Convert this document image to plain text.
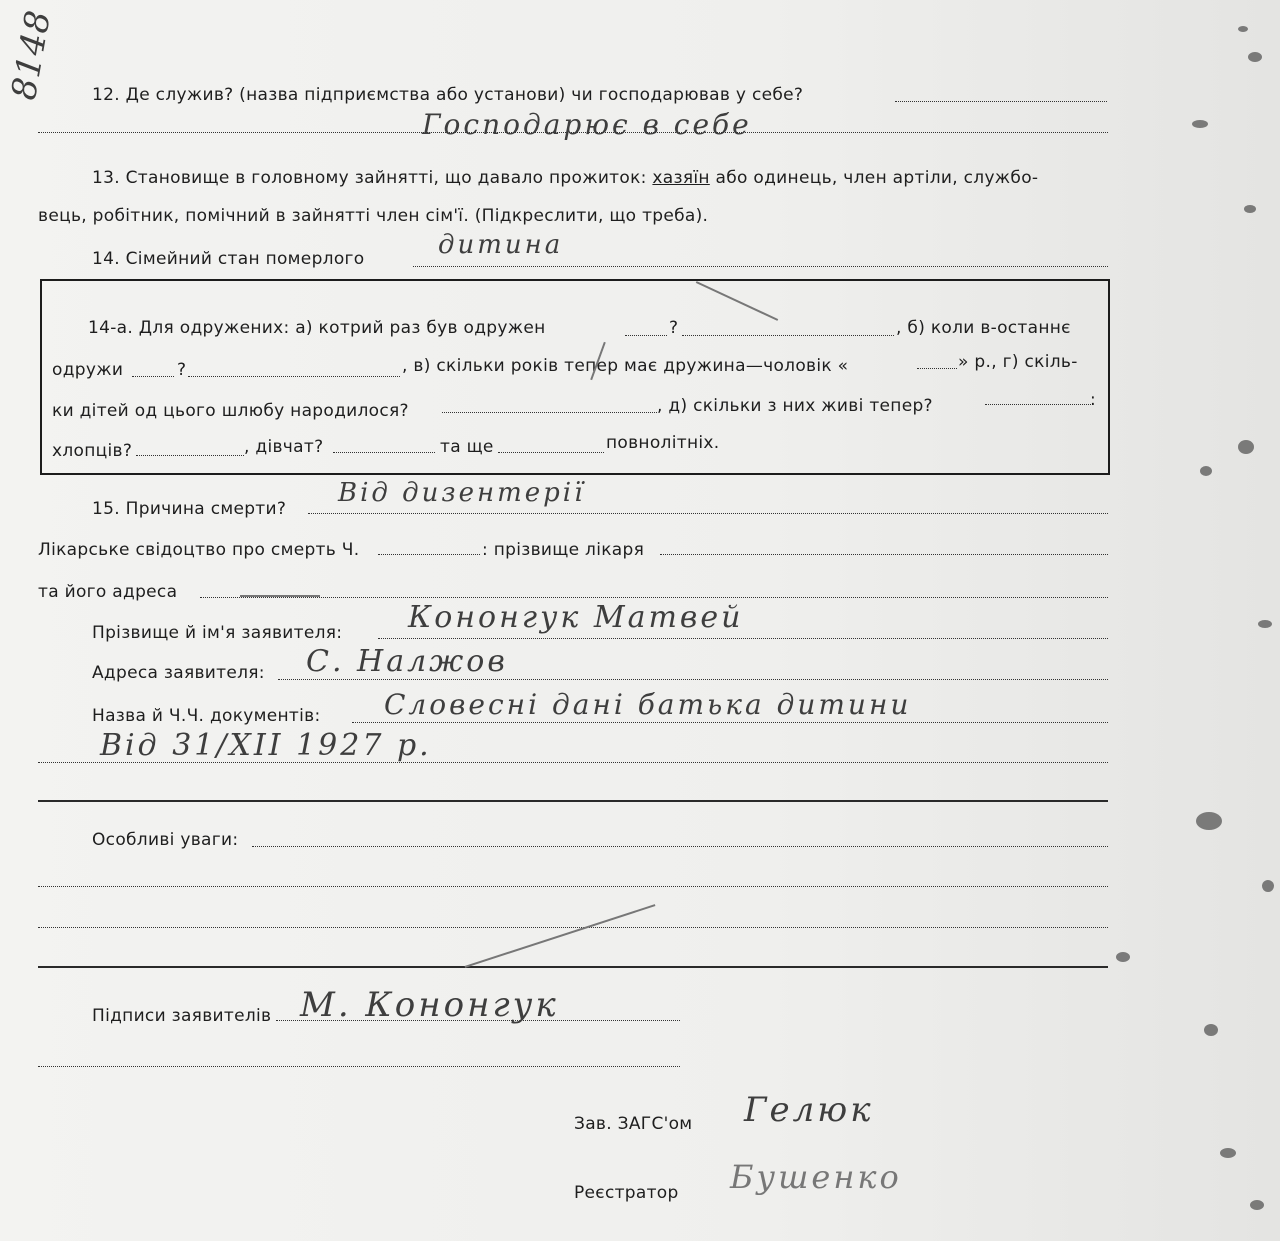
8148 12. Де служив? (назва підприємства або установи) чи господарював у себе?
Господарює в себе
13. Становище в головному зайнятті, що давало прожиток: хазяїн або одинець, член артіли, службо-
вець, робітник, помічний в зайнятті член сім'ї. (Підкреслити, що треба).
14. Сімейний стан померлого	дитина
14-а. Для одружених: а) котрий раз був одружен	?	, б) коли в-останнє
одружи	?	, в) скільки років тепер має дружина—чоловік «	» р., г) скіль-
ки дітей од цього шлюбу народилося?	, д) скільки з них живі тепер?	:
хлопців?	, дівчат?	та ще	повнолітніх.
15. Причина смерти?
Від дизентерії
Лікарське свідоцтво про смерть Ч.	: прізвище лікаря
та його адреса
Прізвище й ім'я заявителя: Кононгук Матвей
Адреса заявителя: С. Налжов
Назва й Ч.Ч. документів: Словесні дані батька дитини
Від 31/XII 1927 р.
Особливі уваги:
Підписи заявителів М. Кононгук
Зав. ЗАГС'ом Гелюк
Реєстратор Бушенко
